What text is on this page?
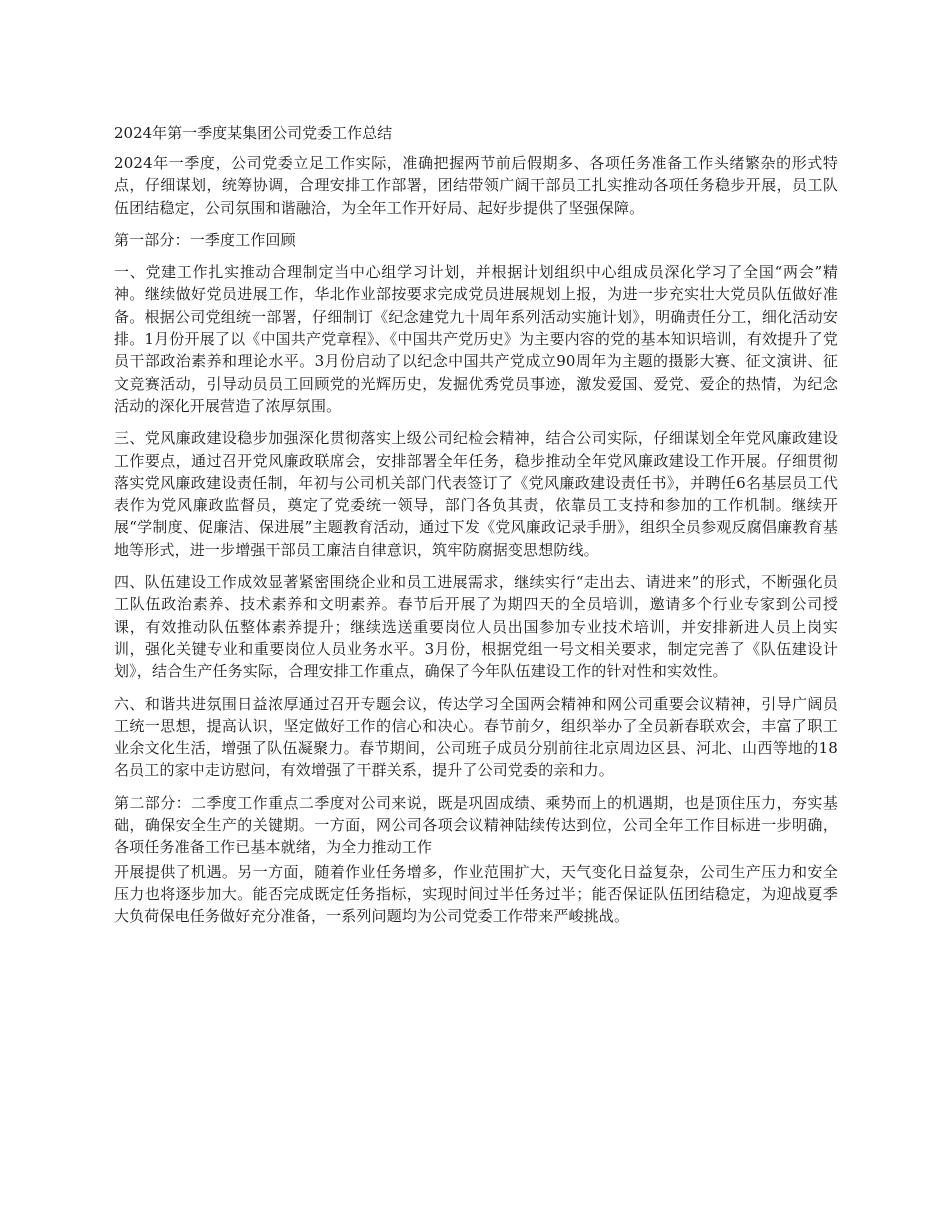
2024年第一季度某集团公司党委工作总结

2024年一季度，公司党委立足工作实际，准确把握两节前后假期多、各项任务准备工作头绪繁杂的形式特点，仔细谋划，统筹协调，合理安排工作部署，团结带领广阔干部员工扎实推动各项任务稳步开展，员工队伍团结稳定，公司氛围和谐融洽，为全年工作开好局、起好步提供了坚强保障。

第一部分：一季度工作回顾

一、党建工作扎实推动合理制定当中心组学习计划，并根据计划组织中心组成员深化学习了全国“两会”精神。继续做好党员进展工作，华北作业部按要求完成党员进展规划上报，为进一步充实壮大党员队伍做好准备。根据公司党组统一部署，仔细制订《纪念建党九十周年系列活动实施计划》，明确责任分工，细化活动安排。1月份开展了以《中国共产党章程》、《中国共产党历史》为主要内容的党的基本知识培训，有效提升了党员干部政治素养和理论水平。3月份启动了以纪念中国共产党成立90周年为主题的摄影大赛、征文演讲、征文竞赛活动，引导动员员工回顾党的光辉历史，发掘优秀党员事迹，激发爱国、爱党、爱企的热情，为纪念活动的深化开展营造了浓厚氛围。

三、党风廉政建设稳步加强深化贯彻落实上级公司纪检会精神，结合公司实际，仔细谋划全年党风廉政建设工作要点，通过召开党风廉政联席会，安排部署全年任务，稳步推动全年党风廉政建设工作开展。仔细贯彻落实党风廉政建设责任制，年初与公司机关部门代表签订了《党风廉政建设责任书》，并聘任6名基层员工代表作为党风廉政监督员，奠定了党委统一领导，部门各负其责，依靠员工支持和参加的工作机制。继续开展“学制度、促廉洁、保进展”主题教育活动，通过下发《党风廉政记录手册》，组织全员参观反腐倡廉教育基地等形式，进一步增强干部员工廉洁自律意识，筑牢防腐据变思想防线。

四、队伍建设工作成效显著紧密围绕企业和员工进展需求，继续实行“走出去、请进来”的形式，不断强化员工队伍政治素养、技术素养和文明素养。春节后开展了为期四天的全员培训，邀请多个行业专家到公司授课，有效推动队伍整体素养提升；继续选送重要岗位人员出国参加专业技术培训，并安排新进人员上岗实训，强化关键专业和重要岗位人员业务水平。3月份，根据党组一号文相关要求，制定完善了《队伍建设计划》，结合生产任务实际，合理安排工作重点，确保了今年队伍建设工作的针对性和实效性。

六、和谐共进氛围日益浓厚通过召开专题会议，传达学习全国两会精神和网公司重要会议精神，引导广阔员工统一思想，提高认识，坚定做好工作的信心和决心。春节前夕，组织举办了全员新春联欢会，丰富了职工业余文化生活，增强了队伍凝聚力。春节期间，公司班子成员分别前往北京周边区县、河北、山西等地的18名员工的家中走访慰问，有效增强了干群关系，提升了公司党委的亲和力。

第二部分：二季度工作重点二季度对公司来说，既是巩固成绩、乘势而上的机遇期，也是顶住压力，夯实基础，确保安全生产的关键期。一方面，网公司各项会议精神陆续传达到位，公司全年工作目标进一步明确，各项任务准备工作已基本就绪，为全力推动工作

开展提供了机遇。另一方面，随着作业任务增多，作业范围扩大，天气变化日益复杂，公司生产压力和安全压力也将逐步加大。能否完成既定任务指标，实现时间过半任务过半；能否保证队伍团结稳定，为迎战夏季大负荷保电任务做好充分准备，一系列问题均为公司党委工作带来严峻挑战。
